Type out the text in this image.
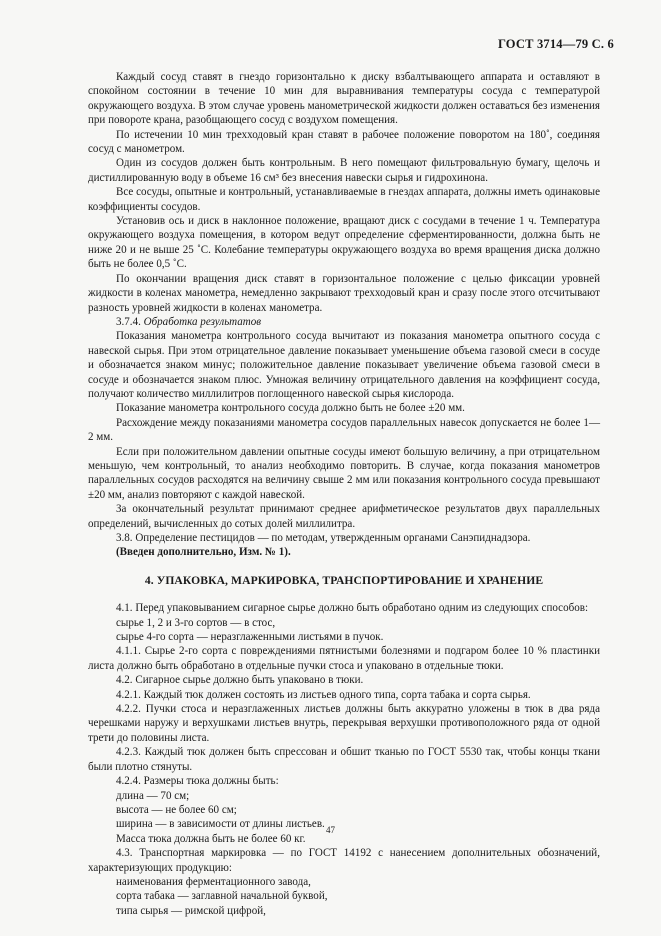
ГОСТ 3714—79 С. 6

Каждый сосуд ставят в гнездо горизонтально к диску взбалтывающего аппарата и оставляют в спокойном состоянии в течение 10 мин для выравнивания температуры сосуда с температурой окружающего воздуха. В этом случае уровень манометрической жидкости должен оставаться без изменения при повороте крана, разобщающего сосуд с воздухом помещения.

По истечении 10 мин трехходовый кран ставят в рабочее положение поворотом на 180˚, соединяя сосуд с манометром.

Один из сосудов должен быть контрольным. В него помещают фильтровальную бумагу, щелочь и дистиллированную воду в объеме 16 см³ без внесения навески сырья и гидрохинона.

Все сосуды, опытные и контрольный, устанавливаемые в гнездах аппарата, должны иметь одинаковые коэффициенты сосудов.

Установив ось и диск в наклонное положение, вращают диск с сосудами в течение 1 ч. Температура окружающего воздуха помещения, в котором ведут определение сферментированности, должна быть не ниже 20 и не выше 25 ˚С. Колебание температуры окружающего воздуха во время вращения диска должно быть не более 0,5 ˚С.

По окончании вращения диск ставят в горизонтальное положение с целью фиксации уровней жидкости в коленах манометра, немедленно закрывают трехходовый кран и сразу после этого отсчитывают разность уровней жидкости в коленах манометра.

3.7.4. Обработка результатов

Показания манометра контрольного сосуда вычитают из показания манометра опытного сосуда с навеской сырья. При этом отрицательное давление показывает уменьшение объема газовой смеси в сосуде и обозначается знаком минус; положительное давление показывает увеличение объема газовой смеси в сосуде и обозначается знаком плюс. Умножая величину отрицательного давления на коэффициент сосуда, получают количество миллилитров поглощенного навеской сырья кислорода.

Показание манометра контрольного сосуда должно быть не более ±20 мм.

Расхождение между показаниями манометра сосудов параллельных навесок допускается не более 1—2 мм.

Если при положительном давлении опытные сосуды имеют большую величину, а при отрицательном меньшую, чем контрольный, то анализ необходимо повторить. В случае, когда показания манометров параллельных сосудов расходятся на величину свыше 2 мм или показания контрольного сосуда превышают ±20 мм, анализ повторяют с каждой навеской.

За окончательный результат принимают среднее арифметическое результатов двух параллельных определений, вычисленных до сотых долей миллилитра.

3.8. Определение пестицидов — по методам, утвержденным органами Санэпиднадзора.

(Введен дополнительно, Изм. № 1).

4. УПАКОВКА, МАРКИРОВКА, ТРАНСПОРТИРОВАНИЕ И ХРАНЕНИЕ

4.1. Перед упаковыванием сигарное сырье должно быть обработано одним из следующих способов:

сырье 1, 2 и 3-го сортов — в стос,

сырье 4-го сорта — неразглаженными листьями в пучок.

4.1.1. Сырье 2-го сорта с повреждениями пятнистыми болезнями и подгаром более 10 % пластинки листа должно быть обработано в отдельные пучки стоса и упаковано в отдельные тюки.

4.2. Сигарное сырье должно быть упаковано в тюки.

4.2.1. Каждый тюк должен состоять из листьев одного типа, сорта табака и сорта сырья.

4.2.2. Пучки стоса и неразглаженных листьев должны быть аккуратно уложены в тюк в два ряда черешками наружу и верхушками листьев внутрь, перекрывая верхушки противоположного ряда от одной трети до половины листа.

4.2.3. Каждый тюк должен быть спрессован и обшит тканью по ГОСТ 5530 так, чтобы концы ткани были плотно стянуты.

4.2.4. Размеры тюка должны быть:

длина — 70 см;

высота — не более 60 см;

ширина — в зависимости от длины листьев.

Масса тюка должна быть не более 60 кг.

4.3. Транспортная маркировка — по ГОСТ 14192 с нанесением дополнительных обозначений, характеризующих продукцию:

наименования ферментационного завода,

сорта табака — заглавной начальной буквой,

типа сырья — римской цифрой,

47
